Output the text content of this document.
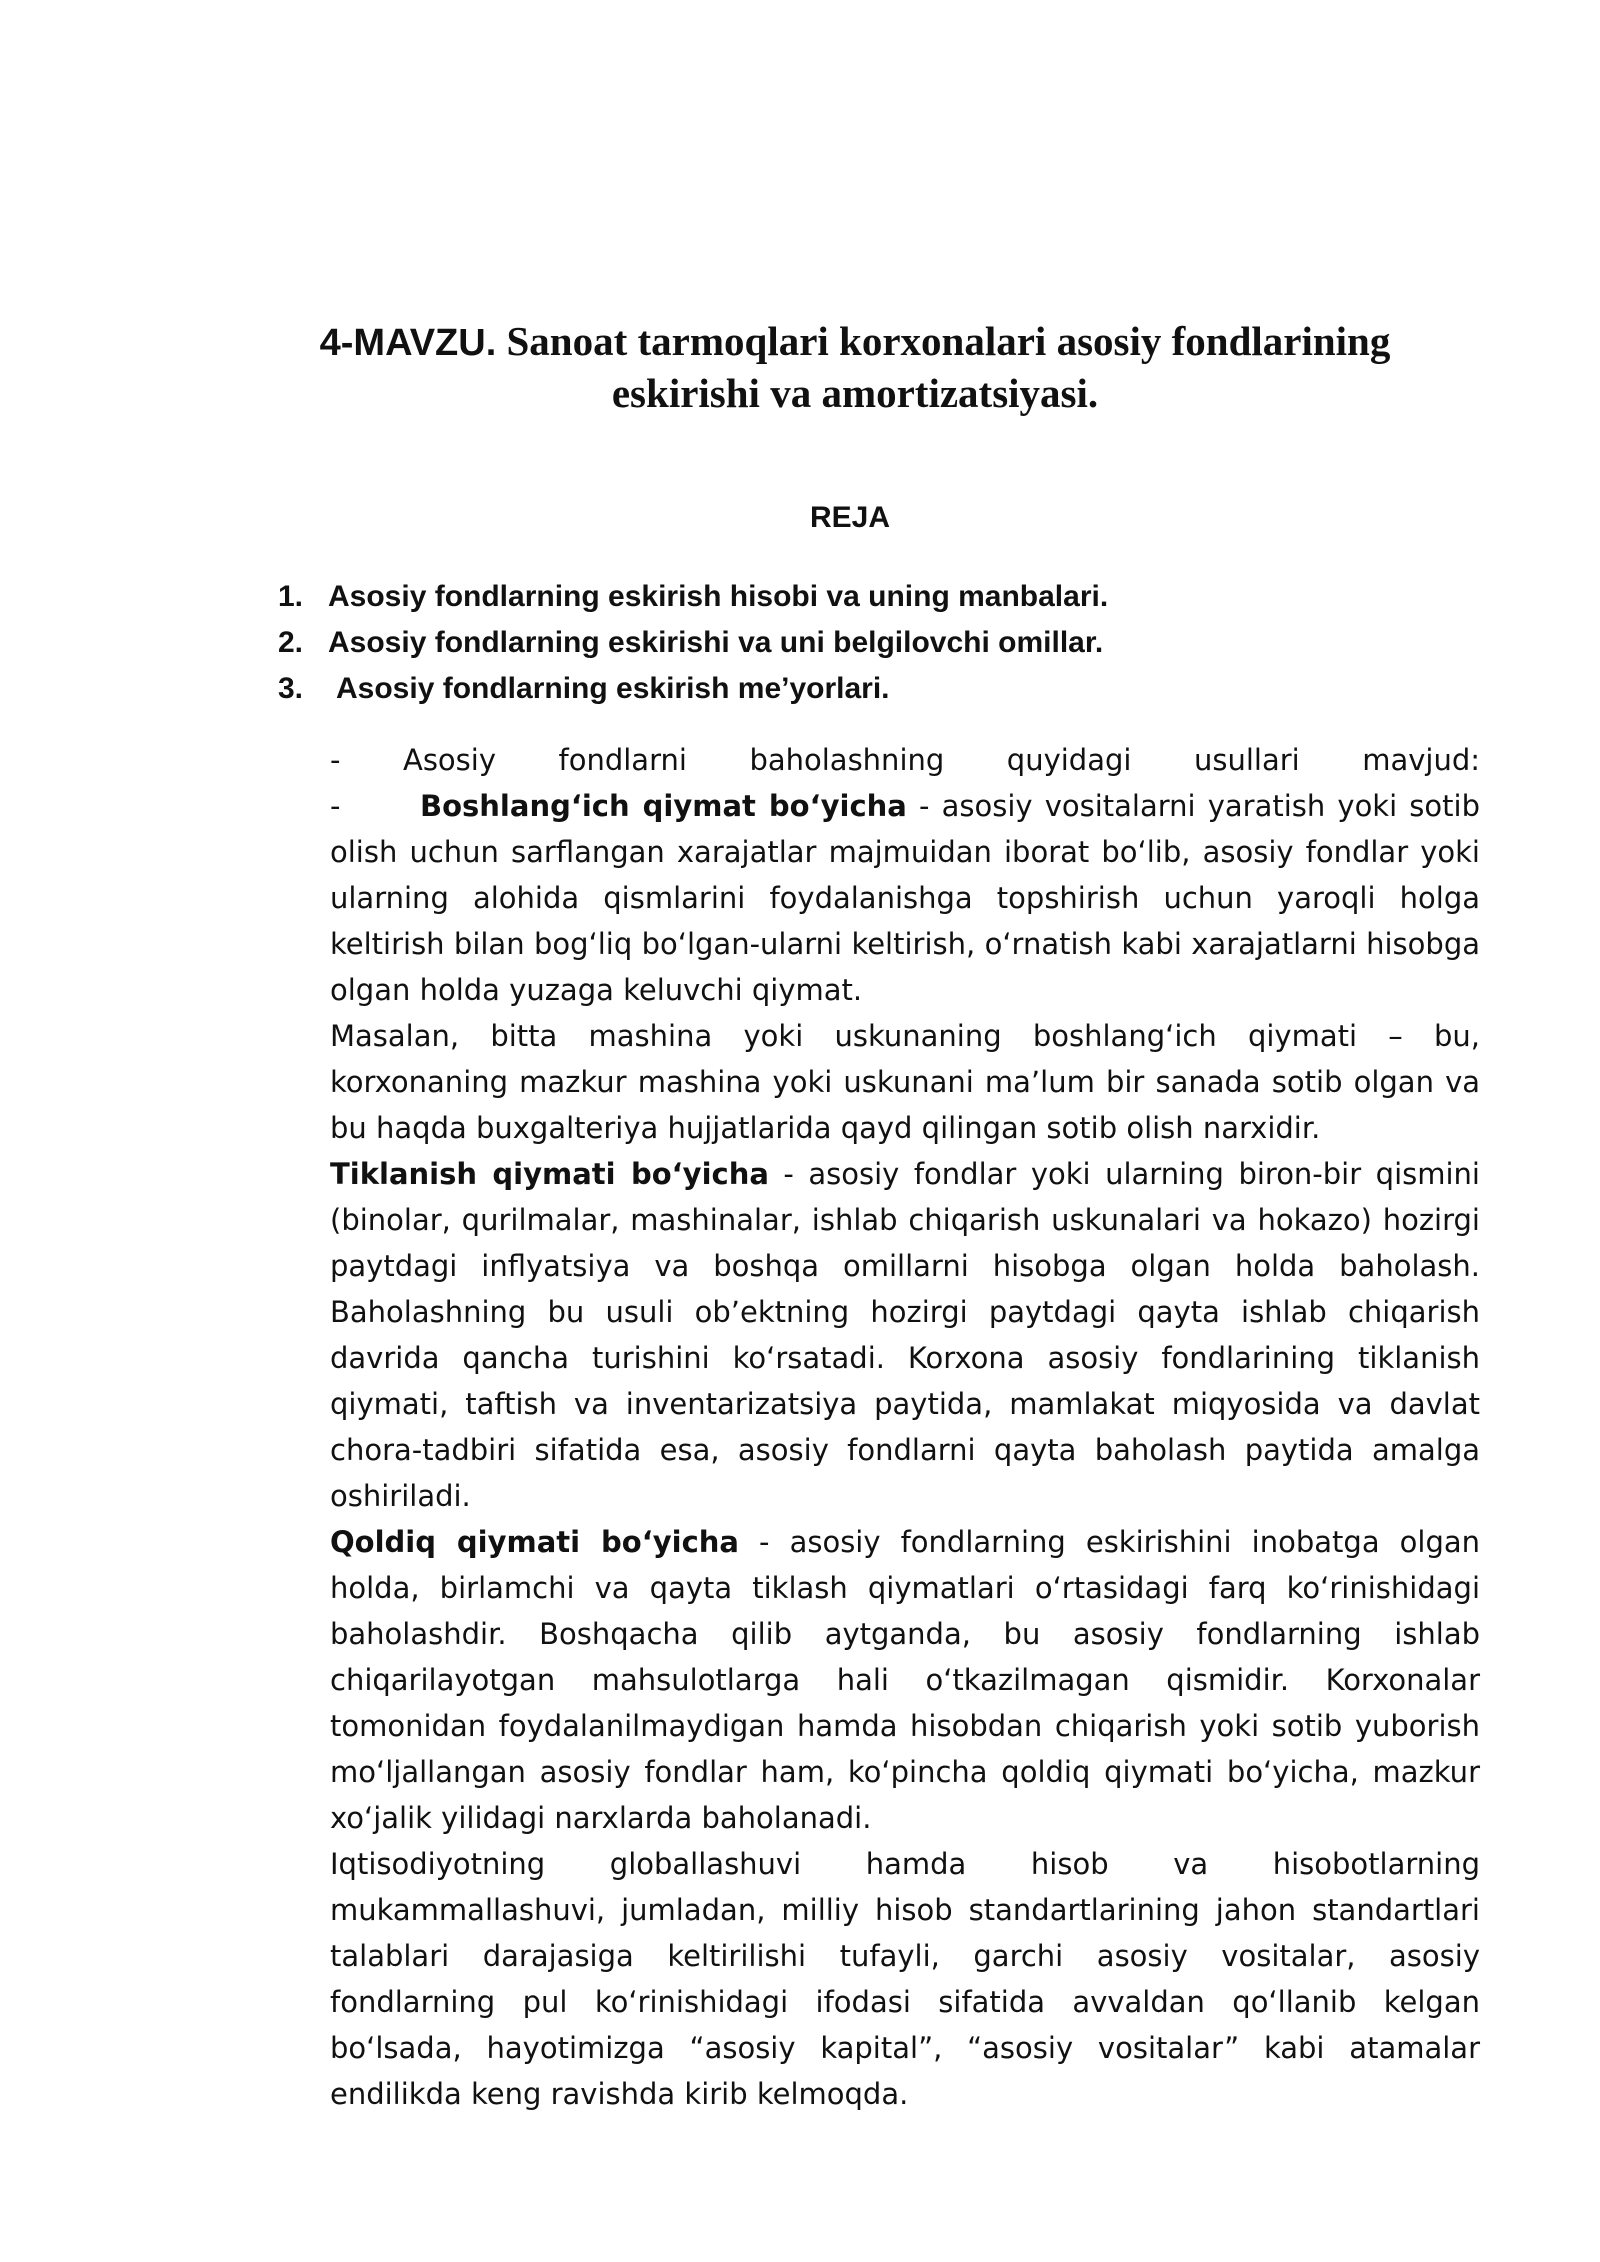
4-MAVZU. Sanoat tarmoqlari korxonalari asosiy fondlarining
eskirishi va amortizatsiyasi.
REJA
1. Asosiy fondlarning eskirish hisobi va uning manbalari.
2. Asosiy fondlarning eskirishi va uni belgilovchi omillar.
3.	Asosiy fondlarning eskirish me’yorlari.

- Asosiy fondlarni baholashning quyidagi usullari mavjud:

-	Boshlang‘ich qiymat bo‘yicha - asosiy vositalarni yaratish yoki sotib olish uchun sarflangan xarajatlar majmuidan iborat bo‘lib, asosiy fondlar yoki ularning alohida qismlarini foydalanishga topshirish uchun yaroqli holga keltirish bilan bog‘liq bo‘lgan-ularni keltirish, o‘rnatish kabi xarajatlarni hisobga olgan holda yuzaga keluvchi qiymat.

Masalan, bitta mashina yoki uskunaning boshlang‘ich qiymati – bu, korxonaning mazkur mashina yoki uskunani ma’lum bir sanada sotib olgan va bu haqda buxgalteriya hujjatlarida qayd qilingan sotib olish narxidir.

Tiklanish qiymati bo‘yicha - asosiy fondlar yoki ularning biron-bir qismini (binolar, qurilmalar, mashinalar, ishlab chiqarish uskunalari va hokazo) hozirgi paytdagi inflyatsiya va boshqa omillarni hisobga olgan holda baholash. Baholashning bu usuli ob’ektning hozirgi paytdagi qayta ishlab chiqarish davrida qancha turishini ko‘rsatadi. Korxona asosiy fondlarining tiklanish qiymati, taftish va inventarizatsiya paytida, mamlakat miqyosida va davlat chora-tadbiri sifatida esa, asosiy fondlarni qayta baholash paytida amalga oshiriladi.

Qoldiq qiymati bo‘yicha - asosiy fondlarning eskirishini inobatga olgan holda, birlamchi va qayta tiklash qiymatlari o‘rtasidagi farq ko‘rinishidagi baholashdir. Boshqacha qilib aytganda, bu asosiy fondlarning ishlab chiqarilayotgan mahsulotlarga hali o‘tkazilmagan qismidir. Korxonalar tomonidan foydalanilmaydigan hamda hisobdan chiqarish yoki sotib yuborish mo‘ljallangan asosiy fondlar ham, ko‘pincha qoldiq qiymati bo‘yicha, mazkur xo‘jalik yilidagi narxlarda baholanadi.

Iqtisodiyotning globallashuvi hamda hisob va hisobotlarning mukammallashuvi, jumladan, milliy hisob standartlarining jahon standartlari talablari darajasiga keltirilishi tufayli, garchi asosiy vositalar, asosiy fondlarning pul ko‘rinishidagi ifodasi sifatida avvaldan qo‘llanib kelgan bo‘lsada, hayotimizga “asosiy kapital”, “asosiy vositalar” kabi atamalar endilikda keng ravishda kirib kelmoqda.
